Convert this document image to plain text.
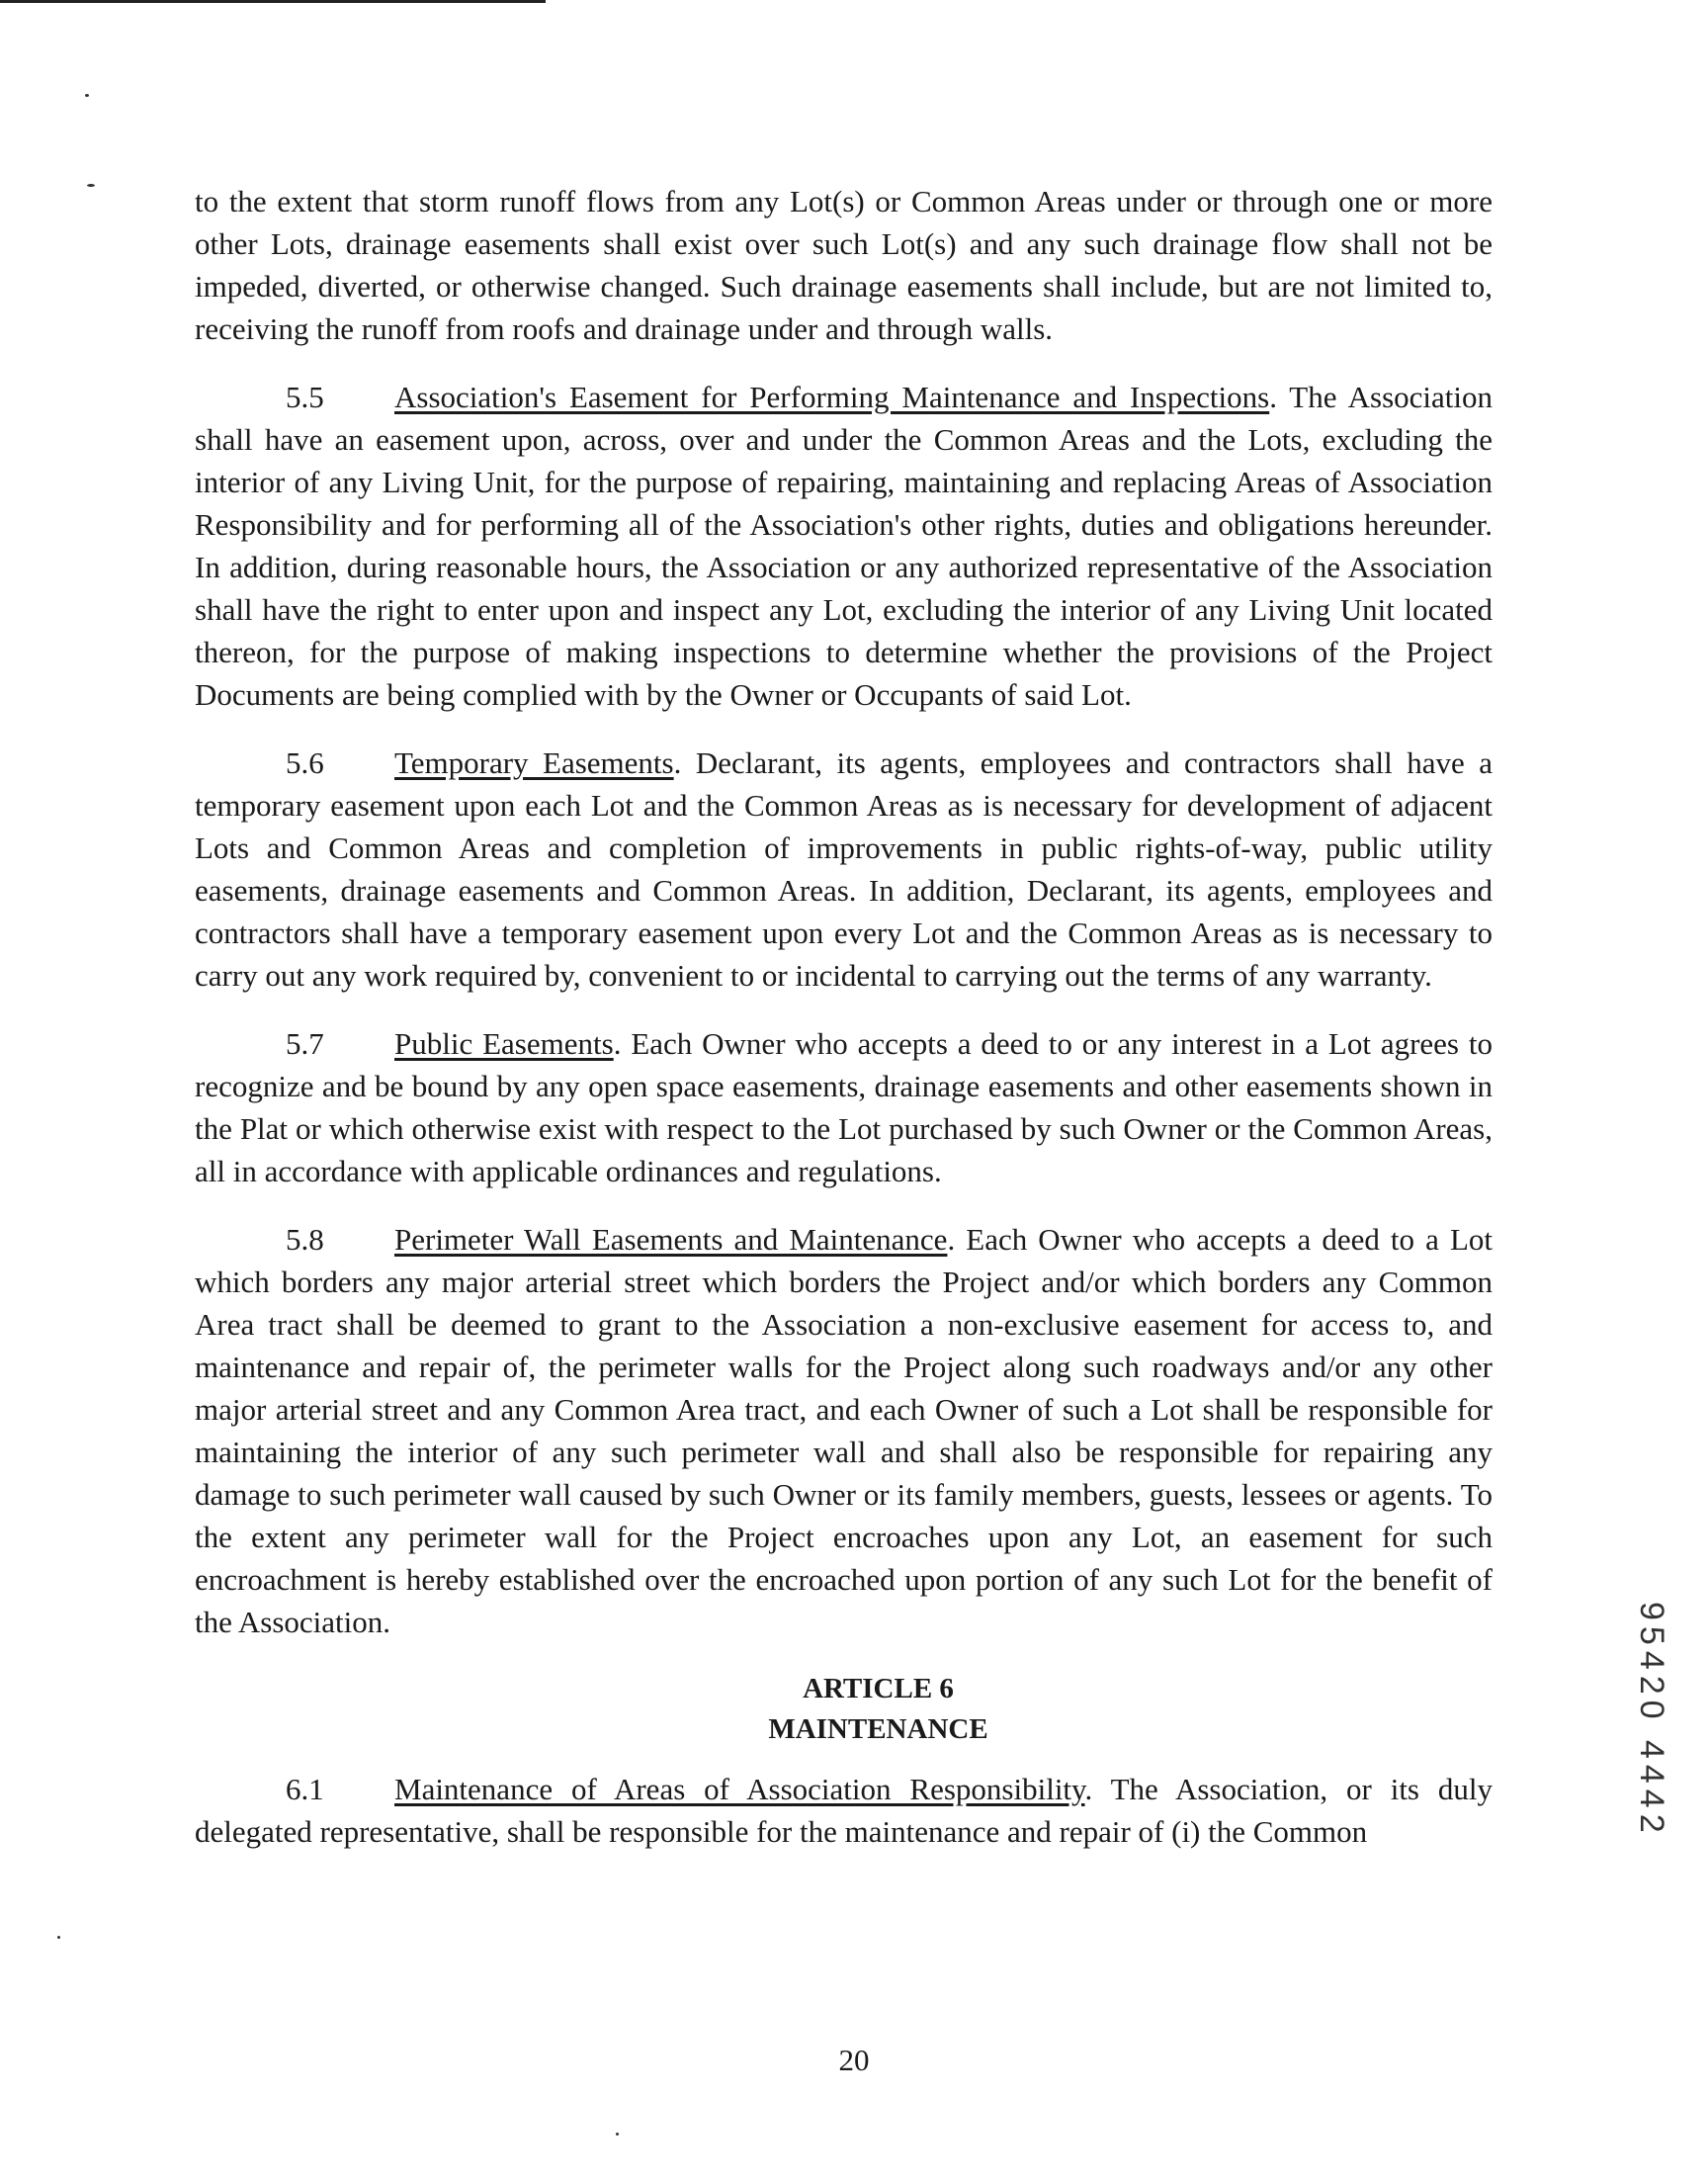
to the extent that storm runoff flows from any Lot(s) or Common Areas under or through one or more other Lots, drainage easements shall exist over such Lot(s) and any such drainage flow shall not be impeded, diverted, or otherwise changed. Such drainage easements shall include, but are not limited to, receiving the runoff from roofs and drainage under and through walls.

5.5 Association's Easement for Performing Maintenance and Inspections. The Association shall have an easement upon, across, over and under the Common Areas and the Lots, excluding the interior of any Living Unit, for the purpose of repairing, maintaining and replacing Areas of Association Responsibility and for performing all of the Association's other rights, duties and obligations hereunder. In addition, during reasonable hours, the Association or any authorized representative of the Association shall have the right to enter upon and inspect any Lot, excluding the interior of any Living Unit located thereon, for the purpose of making inspections to determine whether the provisions of the Project Documents are being complied with by the Owner or Occupants of said Lot.

5.6 Temporary Easements. Declarant, its agents, employees and contractors shall have a temporary easement upon each Lot and the Common Areas as is necessary for development of adjacent Lots and Common Areas and completion of improvements in public rights-of-way, public utility easements, drainage easements and Common Areas. In addition, Declarant, its agents, employees and contractors shall have a temporary easement upon every Lot and the Common Areas as is necessary to carry out any work required by, convenient to or incidental to carrying out the terms of any warranty.

5.7 Public Easements. Each Owner who accepts a deed to or any interest in a Lot agrees to recognize and be bound by any open space easements, drainage easements and other easements shown in the Plat or which otherwise exist with respect to the Lot purchased by such Owner or the Common Areas, all in accordance with applicable ordinances and regulations.

5.8 Perimeter Wall Easements and Maintenance. Each Owner who accepts a deed to a Lot which borders any major arterial street which borders the Project and/or which borders any Common Area tract shall be deemed to grant to the Association a non-exclusive easement for access to, and maintenance and repair of, the perimeter walls for the Project along such roadways and/or any other major arterial street and any Common Area tract, and each Owner of such a Lot shall be responsible for maintaining the interior of any such perimeter wall and shall also be responsible for repairing any damage to such perimeter wall caused by such Owner or its family members, guests, lessees or agents. To the extent any perimeter wall for the Project encroaches upon any Lot, an easement for such encroachment is hereby established over the encroached upon portion of any such Lot for the benefit of the Association.

ARTICLE 6
MAINTENANCE

6.1 Maintenance of Areas of Association Responsibility. The Association, or its duly delegated representative, shall be responsible for the maintenance and repair of (i) the Common

20
95420 4442
